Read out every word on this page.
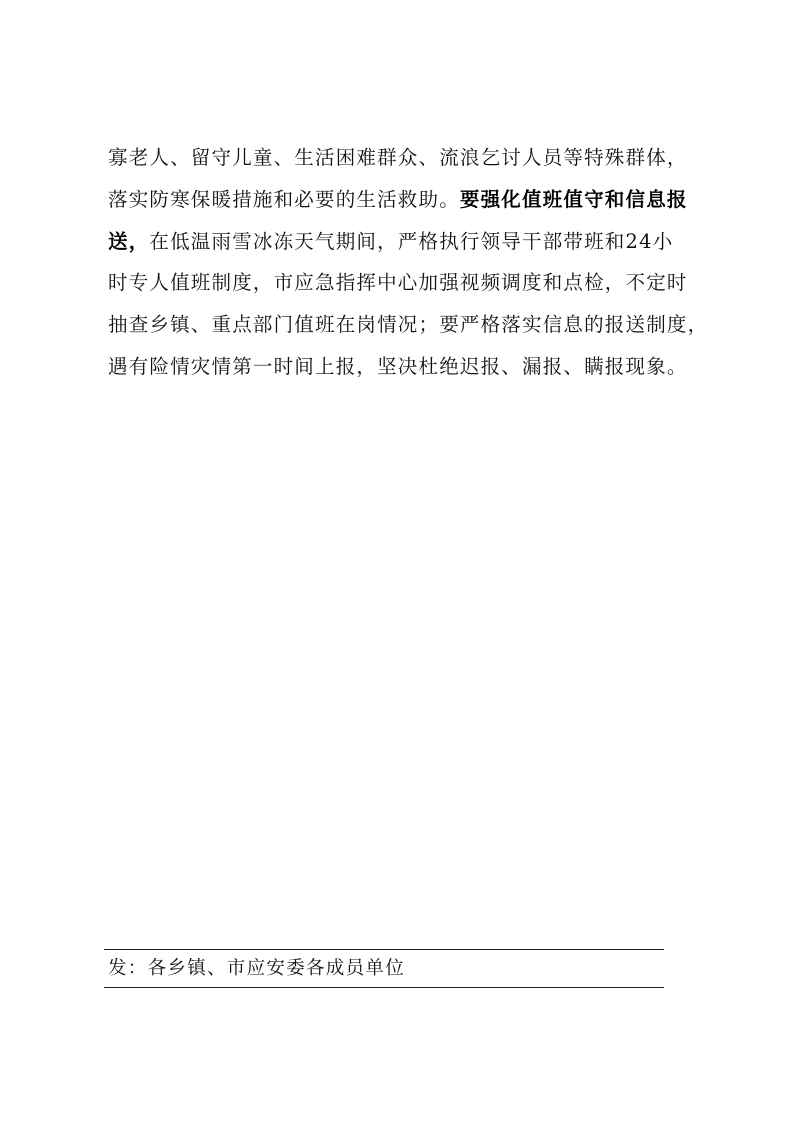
寡老人、留守儿童、生活困难群众、流浪乞讨人员等特殊群体，
落实防寒保暖措施和必要的生活救助。要强化值班值守和信息报
送，在低温雨雪冰冻天气期间，严格执行领导干部带班和24小
时专人值班制度，市应急指挥中心加强视频调度和点检，不定时
抽查乡镇、重点部门值班在岗情况；要严格落实信息的报送制度，
遇有险情灾情第一时间上报，坚决杜绝迟报、漏报、瞒报现象。
发：各乡镇、市应安委各成员单位
